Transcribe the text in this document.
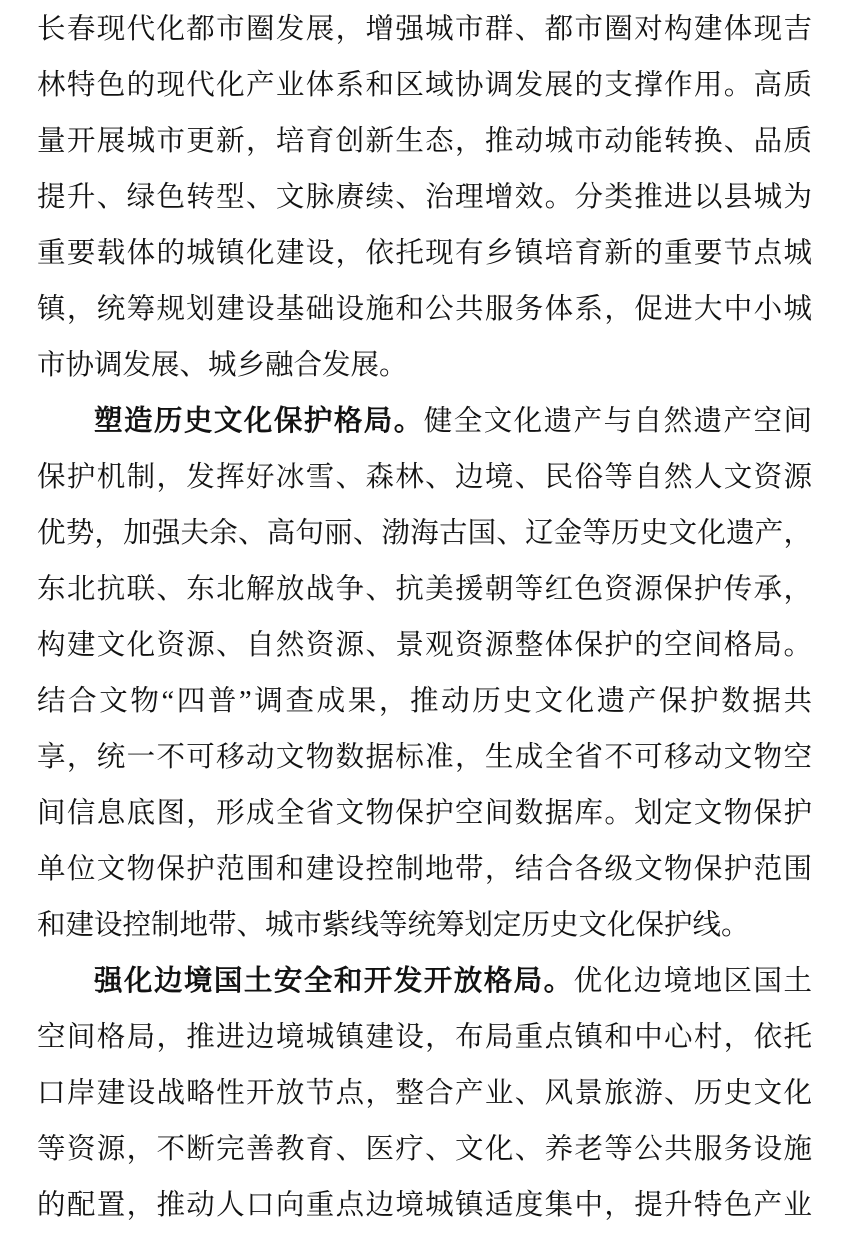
长春现代化都市圈发展，增强城市群、都市圈对构建体现吉
林特色的现代化产业体系和区域协调发展的支撑作用。高质
量开展城市更新，培育创新生态，推动城市动能转换、品质
提升、绿色转型、文脉赓续、治理增效。分类推进以县城为
重要载体的城镇化建设，依托现有乡镇培育新的重要节点城
镇，统筹规划建设基础设施和公共服务体系，促进大中小城
市协调发展、城乡融合发展。
塑造历史文化保护格局。健全文化遗产与自然遗产空间
保护机制，发挥好冰雪、森林、边境、民俗等自然人文资源
优势，加强夫余、高句丽、渤海古国、辽金等历史文化遗产，
东北抗联、东北解放战争、抗美援朝等红色资源保护传承，
构建文化资源、自然资源、景观资源整体保护的空间格局。
结合文物“四普”调查成果，推动历史文化遗产保护数据共
享，统一不可移动文物数据标准，生成全省不可移动文物空
间信息底图，形成全省文物保护空间数据库。划定文物保护
单位文物保护范围和建设控制地带，结合各级文物保护范围
和建设控制地带、城市紫线等统筹划定历史文化保护线。
强化边境国土安全和开发开放格局。优化边境地区国土
空间格局，推进边境城镇建设，布局重点镇和中心村，依托
口岸建设战略性开放节点，整合产业、风景旅游、历史文化
等资源，不断完善教育、医疗、文化、养老等公共服务设施
的配置，推动人口向重点边境城镇适度集中，提升特色产业
